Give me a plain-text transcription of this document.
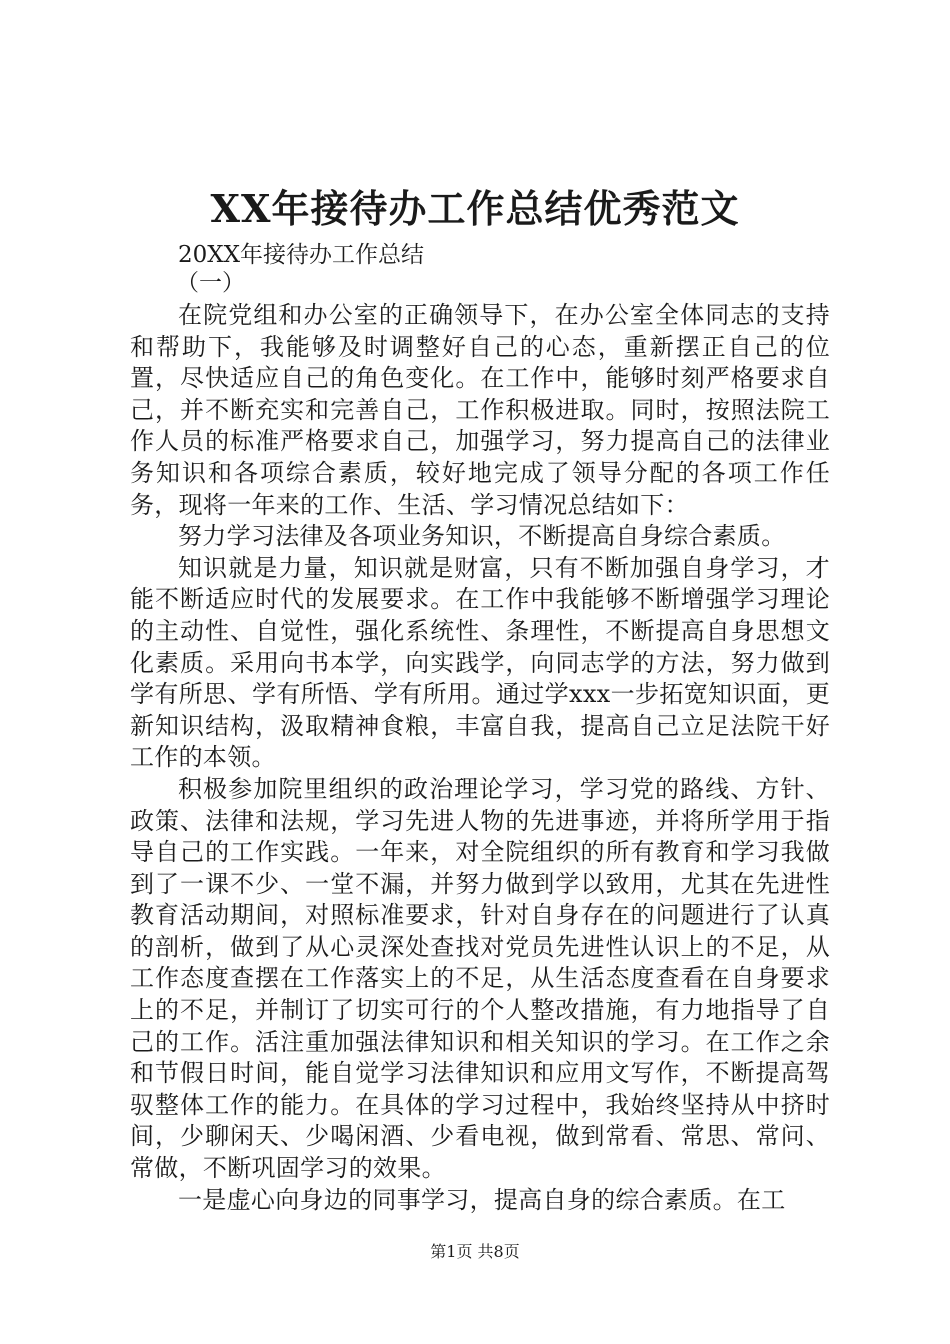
XX年接待办工作总结优秀范文

20XX年接待办工作总结

（一）

在院党组和办公室的正确领导下，在办公室全体同志的支持和帮助下，我能够及时调整好自己的心态，重新摆正自己的位置，尽快适应自己的角色变化。在工作中，能够时刻严格要求自己，并不断充实和完善自己，工作积极进取。同时，按照法院工作人员的标准严格要求自己，加强学习，努力提高自己的法律业务知识和各项综合素质，较好地完成了领导分配的各项工作任务，现将一年来的工作、生活、学习情况总结如下：

努力学习法律及各项业务知识，不断提高自身综合素质。

知识就是力量，知识就是财富，只有不断加强自身学习，才能不断适应时代的发展要求。在工作中我能够不断增强学习理论的主动性、自觉性，强化系统性、条理性，不断提高自身思想文化素质。采用向书本学，向实践学，向同志学的方法，努力做到学有所思、学有所悟、学有所用。通过学xxx一步拓宽知识面，更新知识结构，汲取精神食粮，丰富自我，提高自己立足法院干好工作的本领。

积极参加院里组织的政治理论学习，学习党的路线、方针、政策、法律和法规，学习先进人物的先进事迹，并将所学用于指导自己的工作实践。一年来，对全院组织的所有教育和学习我做到了一课不少、一堂不漏，并努力做到学以致用，尤其在先进性教育活动期间，对照标准要求，针对自身存在的问题进行了认真的剖析，做到了从心灵深处查找对党员先进性认识上的不足，从工作态度查摆在工作落实上的不足，从生活态度查看在自身要求上的不足，并制订了切实可行的个人整改措施，有力地指导了自己的工作。活注重加强法律知识和相关知识的学习。在工作之余和节假日时间，能自觉学习法律知识和应用文写作，不断提高驾驭整体工作的能力。在具体的学习过程中，我始终坚持从中挤时间，少聊闲天、少喝闲酒、少看电视，做到常看、常思、常问、常做，不断巩固学习的效果。

一是虚心向身边的同事学习，提高自身的综合素质。在工

第1页 共8页
